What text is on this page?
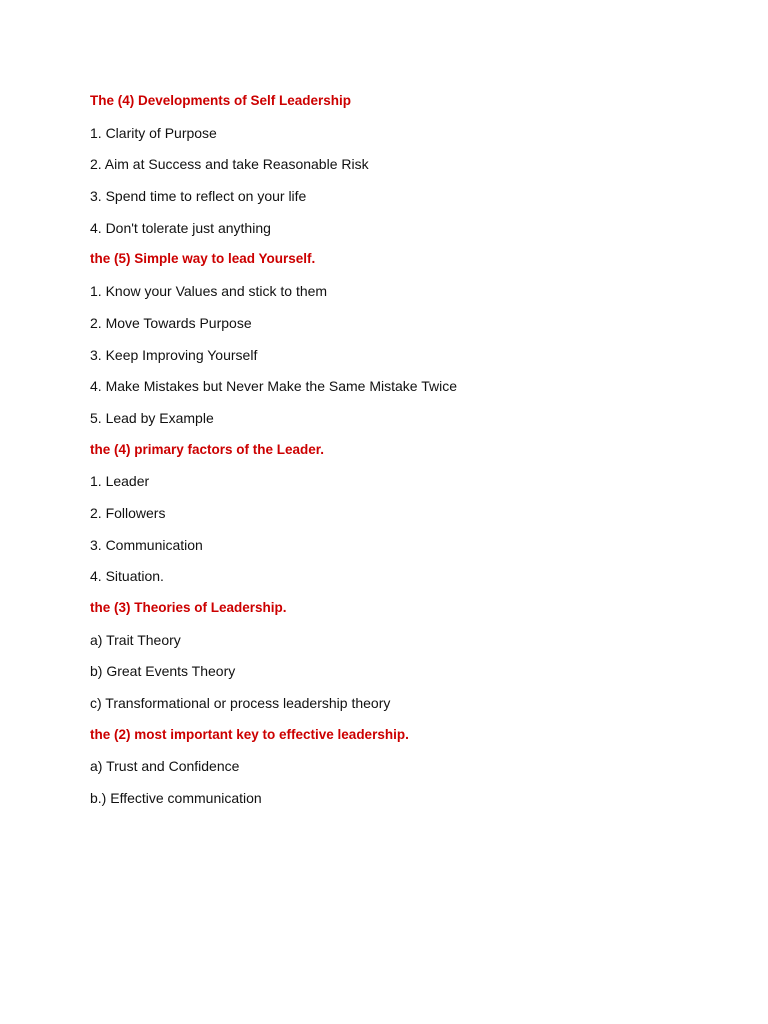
The (4) Developments of Self Leadership
1. Clarity of Purpose
2. Aim at Success and take Reasonable Risk
3. Spend time to reflect on your life
4. Don't tolerate just anything
the (5) Simple way to lead Yourself.
1. Know your Values and stick to them
2. Move Towards Purpose
3. Keep Improving Yourself
4. Make Mistakes but Never Make the Same Mistake Twice
5. Lead by Example
the (4) primary factors of the Leader.
1. Leader
2. Followers
3. Communication
4. Situation.
the (3) Theories of Leadership.
a) Trait Theory
b) Great Events Theory
c) Transformational or process leadership theory
the (2) most important key to effective leadership.
a) Trust and Confidence
b.) Effective communication
